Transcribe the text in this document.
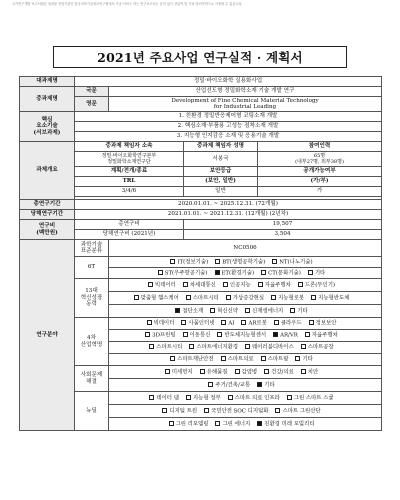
국가연구개발 보고서원문 성과물 전담기관인 한국과학기술정보연구원에서 가공·서비스 하는 연구보고서는 동의 없이 상업적 및 기타 영리목적으로 사용할 수 없습니다
2021년 주요사업 연구실적 · 계획서
대과제명	정밀·바이오화학 실용화사업			
중과제명	국문	산업선도형 정밀화학소재 기술 개발 연구		
	영문	Development of Fine Chemical Material Technology
for Industrial Leading		

핵심
요소기술
(서브과제)	1. 친환경 정밀반응제어형 코팅소재 개발			
	2. 핵심소재·부품용 고성능 점착소재 개발			
	3. 지능형 인지감응 소재 및 응용기술 개발			
과제개요	중과제 책임자 소속		중과제 책임자 성명	참여인력

	정밀·바이오화학연구본부
정밀화학소재연구단		서봉국	65명
(내부27명, 외부38명)

	계획/전개/종료		보안등급	공개가능여부
	TRL		(보안, 일반)	(가/부)
	3/4/6		일반	가

총연구기간	2020.01.01. ~ 2025.12.31. (72개월)			
당해연구기간	2021.01.01. ~ 2021.12.31. (12개월) (2년차)			

연구비
(백만원)	총연구비		19,507	
	당해연구비 (2021년)		3,504	
연구분야	과학기술
표준분류	NC0506		
	6T	IT(정보기술) BT(생명공학기술) NT(나노기술)		
		ST(우주항공기술) ET(환경기술) CT(문화기술) 기타		

	13대
혁신성장
동력	빅데이터 차세대통신 인공지능 자율주행차 드론(무인기)		
		맞춤형 헬스케어 스마트시티 가상증강현실 지능형로봇 지능형반도체		
		첨단소재 혁신신약 신재생에너지 기타		

	4차
산업혁명	빅데이터 사물인터넷 AI AR로봇 클라우드 정보보안		
		3D프린팅 이동통신 반도체지능형센서 AR/VR 자율주행차		
		스마트시티 스마트에너지환경 웨어러블디바이스 스마트공장		
		스마트재난안전 스마트의료 스마트팜 기타		

	사회문제
해결	미세먼지 유해물질 감염병 건강/의료 치안		
		주거/건축/교통 기타		
	뉴딜	데이터 댐 지능형 정부 스마트 의료 인프라 그린 스마트 스쿨		
		디지털 트윈 국민안전 SOC 디지털화 스마트 그린산단		
		그린 리모델링 그린 에너지 친환경 미래 모빌리티		
